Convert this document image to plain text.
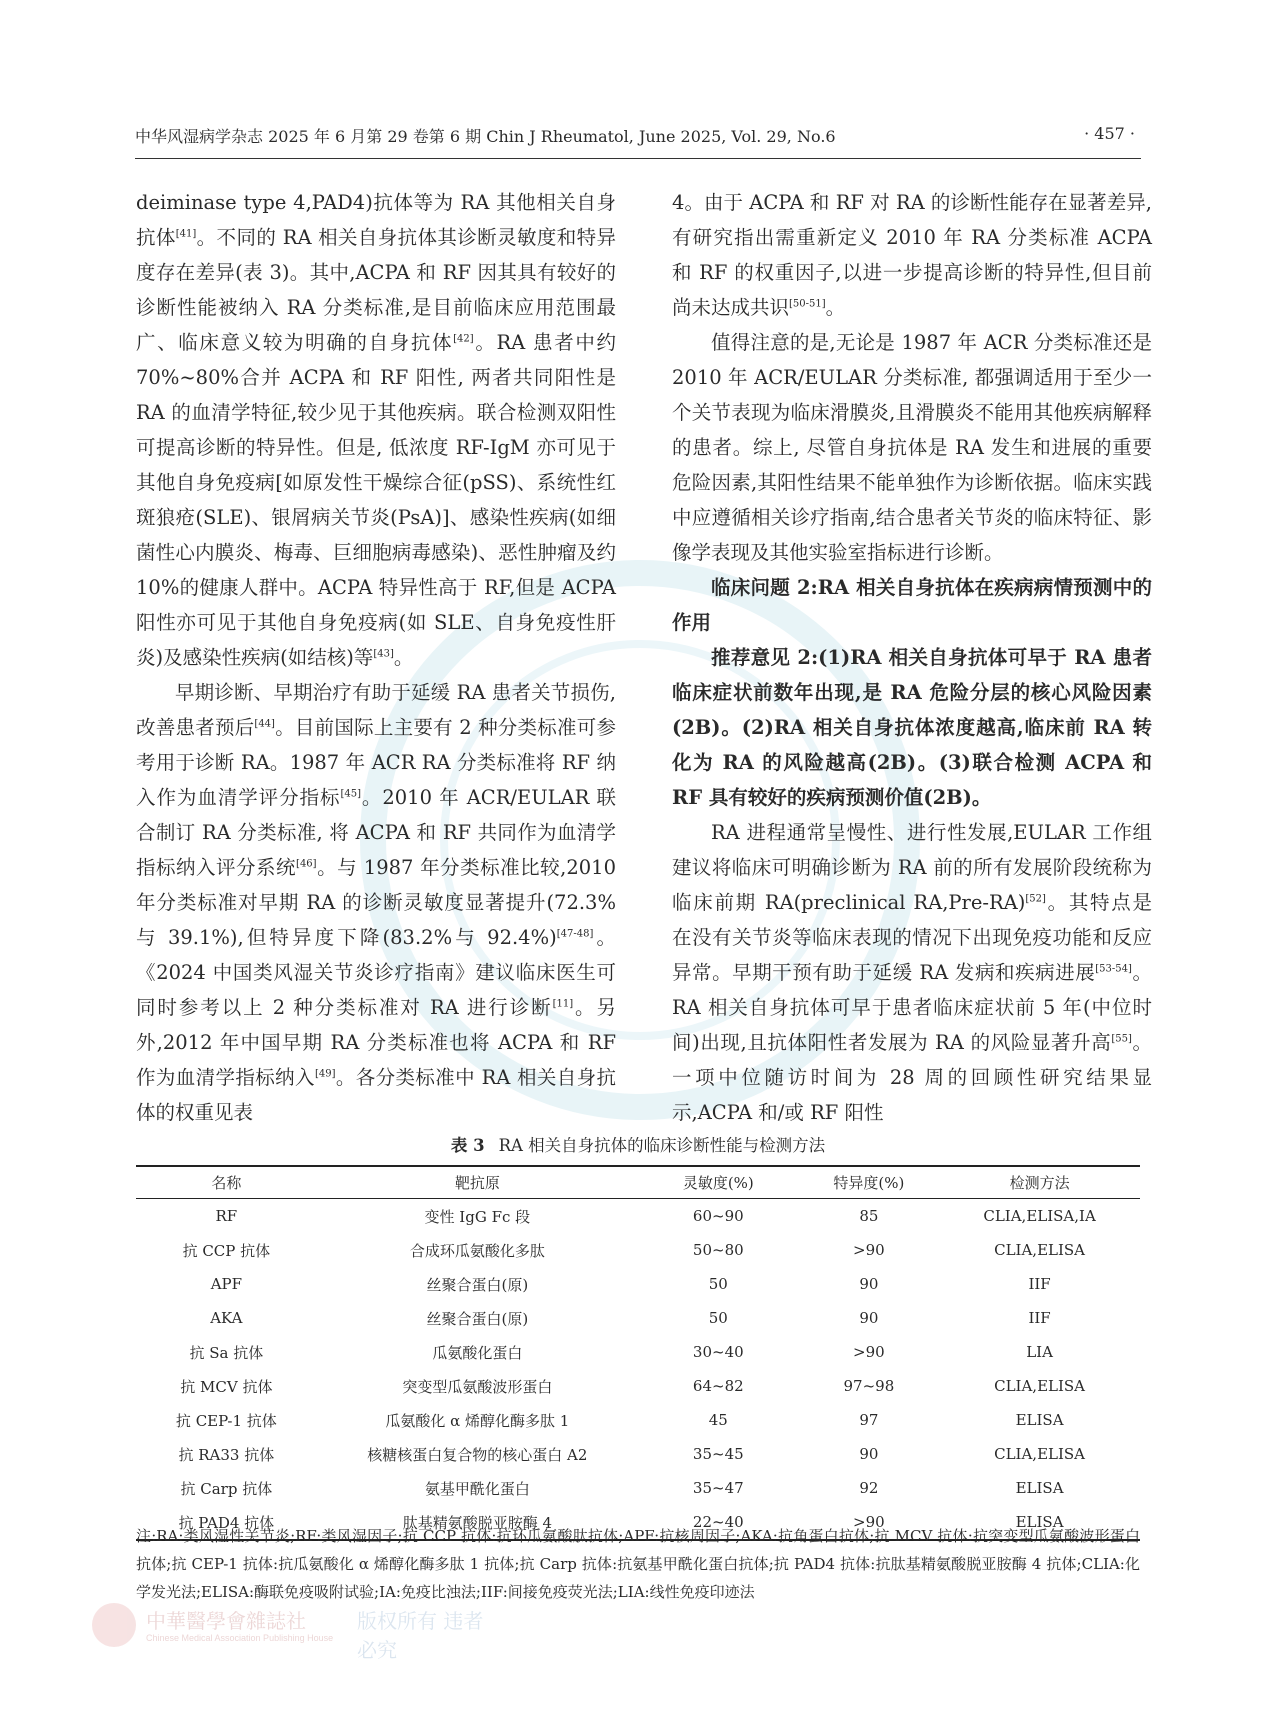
中华风湿病学杂志 2025 年 6 月第 29 卷第 6 期 Chin J Rheumatol, June 2025, Vol. 29, No.6	· 457 ·

deiminase type 4,PAD4)抗体等为 RA 其他相关自身抗体[41]。不同的 RA 相关自身抗体其诊断灵敏度和特异度存在差异(表 3)。其中,ACPA 和 RF 因其具有较好的诊断性能被纳入 RA 分类标准,是目前临床应用范围最广、临床意义较为明确的自身抗体[42]。RA 患者中约 70%~80%合并 ACPA 和 RF 阳性, 两者共同阳性是 RA 的血清学特征,较少见于其他疾病。联合检测双阳性可提高诊断的特异性。但是, 低浓度 RF-IgM 亦可见于其他自身免疫病[如原发性干燥综合征(pSS)、系统性红斑狼疮(SLE)、银屑病关节炎(PsA)]、感染性疾病(如细菌性心内膜炎、梅毒、巨细胞病毒感染)、恶性肿瘤及约 10%的健康人群中。ACPA 特异性高于 RF,但是 ACPA 阳性亦可见于其他自身免疫病(如 SLE、自身免疫性肝炎)及感染性疾病(如结核)等[43]。

早期诊断、早期治疗有助于延缓 RA 患者关节损伤,改善患者预后[44]。目前国际上主要有 2 种分类标准可参考用于诊断 RA。1987 年 ACR RA 分类标准将 RF 纳入作为血清学评分指标[45]。2010 年 ACR/EULAR 联合制订 RA 分类标准, 将 ACPA 和 RF 共同作为血清学指标纳入评分系统[46]。与 1987 年分类标准比较,2010 年分类标准对早期 RA 的诊断灵敏度显著提升(72.3%与 39.1%),但特异度下降(83.2%与 92.4%)[47-48]。《2024 中国类风湿关节炎诊疗指南》建议临床医生可同时参考以上 2 种分类标准对 RA 进行诊断[11]。另外,2012 年中国早期 RA 分类标准也将 ACPA 和 RF 作为血清学指标纳入[49]。各分类标准中 RA 相关自身抗体的权重见表

4。由于 ACPA 和 RF 对 RA 的诊断性能存在显著差异, 有研究指出需重新定义 2010 年 RA 分类标准 ACPA 和 RF 的权重因子,以进一步提高诊断的特异性,但目前尚未达成共识[50-51]。

值得注意的是,无论是 1987 年 ACR 分类标准还是 2010 年 ACR/EULAR 分类标准, 都强调适用于至少一个关节表现为临床滑膜炎,且滑膜炎不能用其他疾病解释的患者。综上, 尽管自身抗体是 RA 发生和进展的重要危险因素,其阳性结果不能单独作为诊断依据。临床实践中应遵循相关诊疗指南,结合患者关节炎的临床特征、影像学表现及其他实验室指标进行诊断。

临床问题 2:RA 相关自身抗体在疾病病情预测中的作用

推荐意见 2:(1)RA 相关自身抗体可早于 RA 患者临床症状前数年出现,是 RA 危险分层的核心风险因素(2B)。(2)RA 相关自身抗体浓度越高,临床前 RA 转化为 RA 的风险越高(2B)。(3)联合检测 ACPA 和 RF 具有较好的疾病预测价值(2B)。

RA 进程通常呈慢性、进行性发展,EULAR 工作组建议将临床可明确诊断为 RA 前的所有发展阶段统称为临床前期 RA(preclinical RA,Pre-RA)[52]。其特点是在没有关节炎等临床表现的情况下出现免疫功能和反应异常。早期干预有助于延缓 RA 发病和疾病进展[53-54]。RA 相关自身抗体可早于患者临床症状前 5 年(中位时间)出现,且抗体阳性者发展为 RA 的风险显著升高[55]。一项中位随访时间为 28 周的回顾性研究结果显示,ACPA 和/或 RF 阳性

表 3 RA 相关自身抗体的临床诊断性能与检测方法
名称	靶抗原	灵敏度(%)	特异度(%)	检测方法
RF	变性 IgG Fc 段	60~90	85	CLIA,ELISA,IA
抗 CCP 抗体	合成环瓜氨酸化多肽	50~80	>90	CLIA,ELISA
APF	丝聚合蛋白(原)	50	90	IIF
AKA	丝聚合蛋白(原)	50	90	IIF
抗 Sa 抗体	瓜氨酸化蛋白	30~40	>90	LIA
抗 MCV 抗体	突变型瓜氨酸波形蛋白	64~82	97~98	CLIA,ELISA
抗 CEP-1 抗体	瓜氨酸化 α 烯醇化酶多肽 1	45	97	ELISA
抗 RA33 抗体	核糖核蛋白复合物的核心蛋白 A2	35~45	90	CLIA,ELISA
抗 Carp 抗体	氨基甲酰化蛋白	35~47	92	ELISA
抗 PAD4 抗体	肽基精氨酸脱亚胺酶 4	22~40	>90	ELISA
注:RA:类风湿性关节炎;RF:类风湿因子;抗 CCP 抗体:抗环瓜氨酸肽抗体;APF:抗核周因子;AKA:抗角蛋白抗体;抗 MCV 抗体:抗突变型瓜氨酸波形蛋白抗体;抗 CEP-1 抗体:抗瓜氨酸化 α 烯醇化酶多肽 1 抗体;抗 Carp 抗体:抗氨基甲酰化蛋白抗体;抗 PAD4 抗体:抗肽基精氨酸脱亚胺酶 4 抗体;CLIA:化学发光法;ELISA:酶联免疫吸附试验;IA:免疫比浊法;IIF:间接免疫荧光法;LIA:线性免疫印迹法
中華醫學會雜誌社
Chinese Medical Association Publishing House
版权所有 违者必究
